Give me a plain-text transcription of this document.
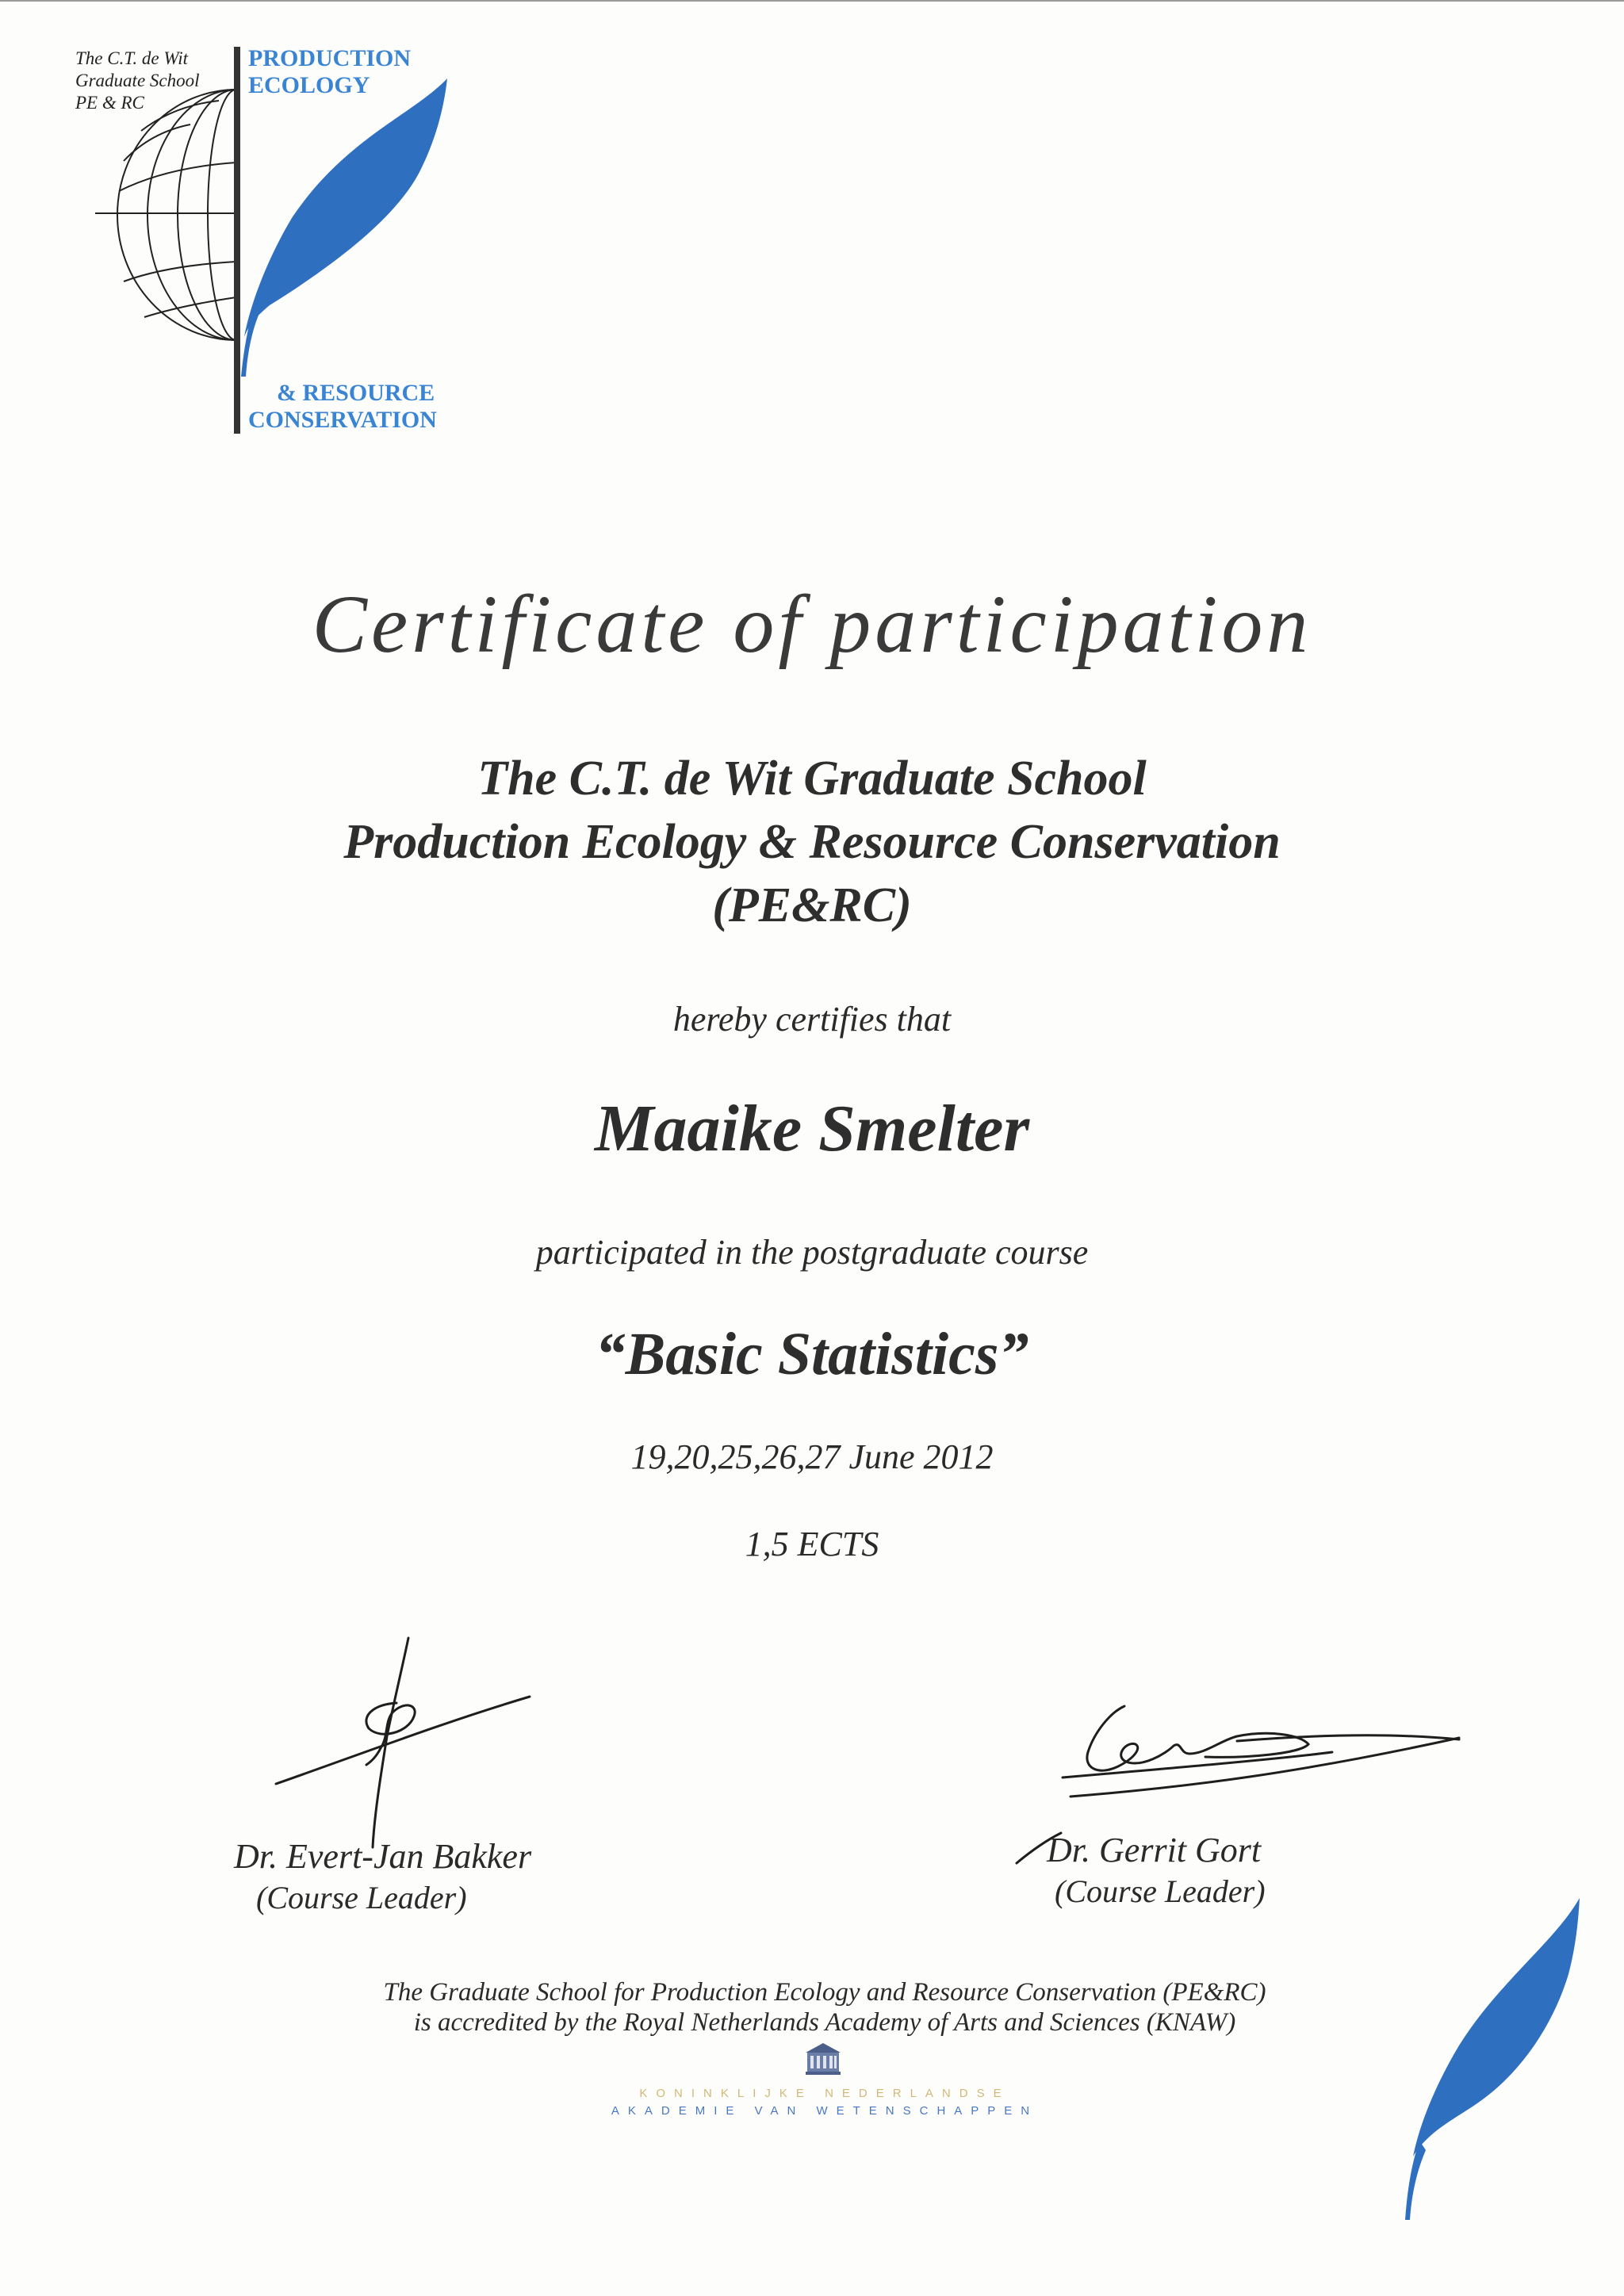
The C.T. de Wit
Graduate School
PE & RC
PRODUCTION
ECOLOGY
& RESOURCE
CONSERVATION
Certificate of participation
The C.T. de Wit Graduate School
Production Ecology & Resource Conservation
(PE&RC)
hereby certifies that
Maaike Smelter
participated in the postgraduate course
“Basic Statistics”
19,20,25,26,27 June 2012
1,5 ECTS
Dr. Evert-Jan Bakker
(Course Leader)
Dr. Gerrit Gort
(Course Leader)
The Graduate School for Production Ecology and Resource Conservation (PE&RC)
is accredited by the Royal Netherlands Academy of Arts and Sciences (KNAW)
KONINKLIJKE NEDERLANDSE
AKADEMIE VAN WETENSCHAPPEN
